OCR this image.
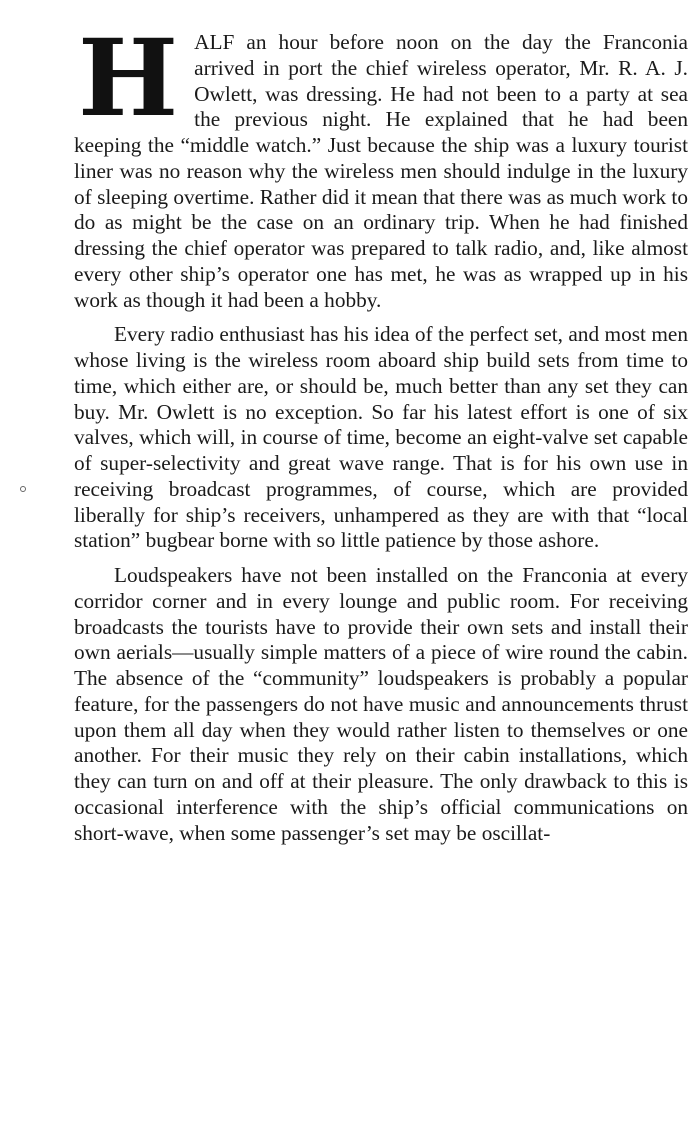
HALF an hour before noon on the day the Franconia arrived in port the chief wireless operator, Mr. R. A. J. Owlett, was dressing. He had not been to a party at sea the previous night. He explained that he had been keeping the “middle watch.” Just because the ship was a luxury tourist liner was no reason why the wireless men should indulge in the luxury of sleeping overtime. Rather did it mean that there was as much work to do as might be the case on an ordinary trip. When he had finished dressing the chief operator was prepared to talk radio, and, like almost every other ship’s operator one has met, he was as wrapped up in his work as though it had been a hobby.

Every radio enthusiast has his idea of the perfect set, and most men whose living is the wireless room aboard ship build sets from time to time, which either are, or should be, much better than any set they can buy. Mr. Owlett is no exception. So far his latest effort is one of six valves, which will, in course of time, become an eight-valve set capable of super-selectivity and great wave range. That is for his own use in receiving broadcast programmes, of course, which are provided liberally for ship’s receivers, unhampered as they are with that “local station” bugbear borne with so little patience by those ashore.

Loudspeakers have not been installed on the Franconia at every corridor corner and in every lounge and public room. For receiving broadcasts the tourists have to provide their own sets and install their own aerials—usually simple matters of a piece of wire round the cabin. The absence of the “community” loudspeakers is probably a popular feature, for the passengers do not have music and announcements thrust upon them all day when they would rather listen to themselves or one another. For their music they rely on their cabin installations, which they can turn on and off at their pleasure. The only drawback to this is occasional interference with the ship’s official communications on short-wave, when some passenger’s set may be oscillat-
